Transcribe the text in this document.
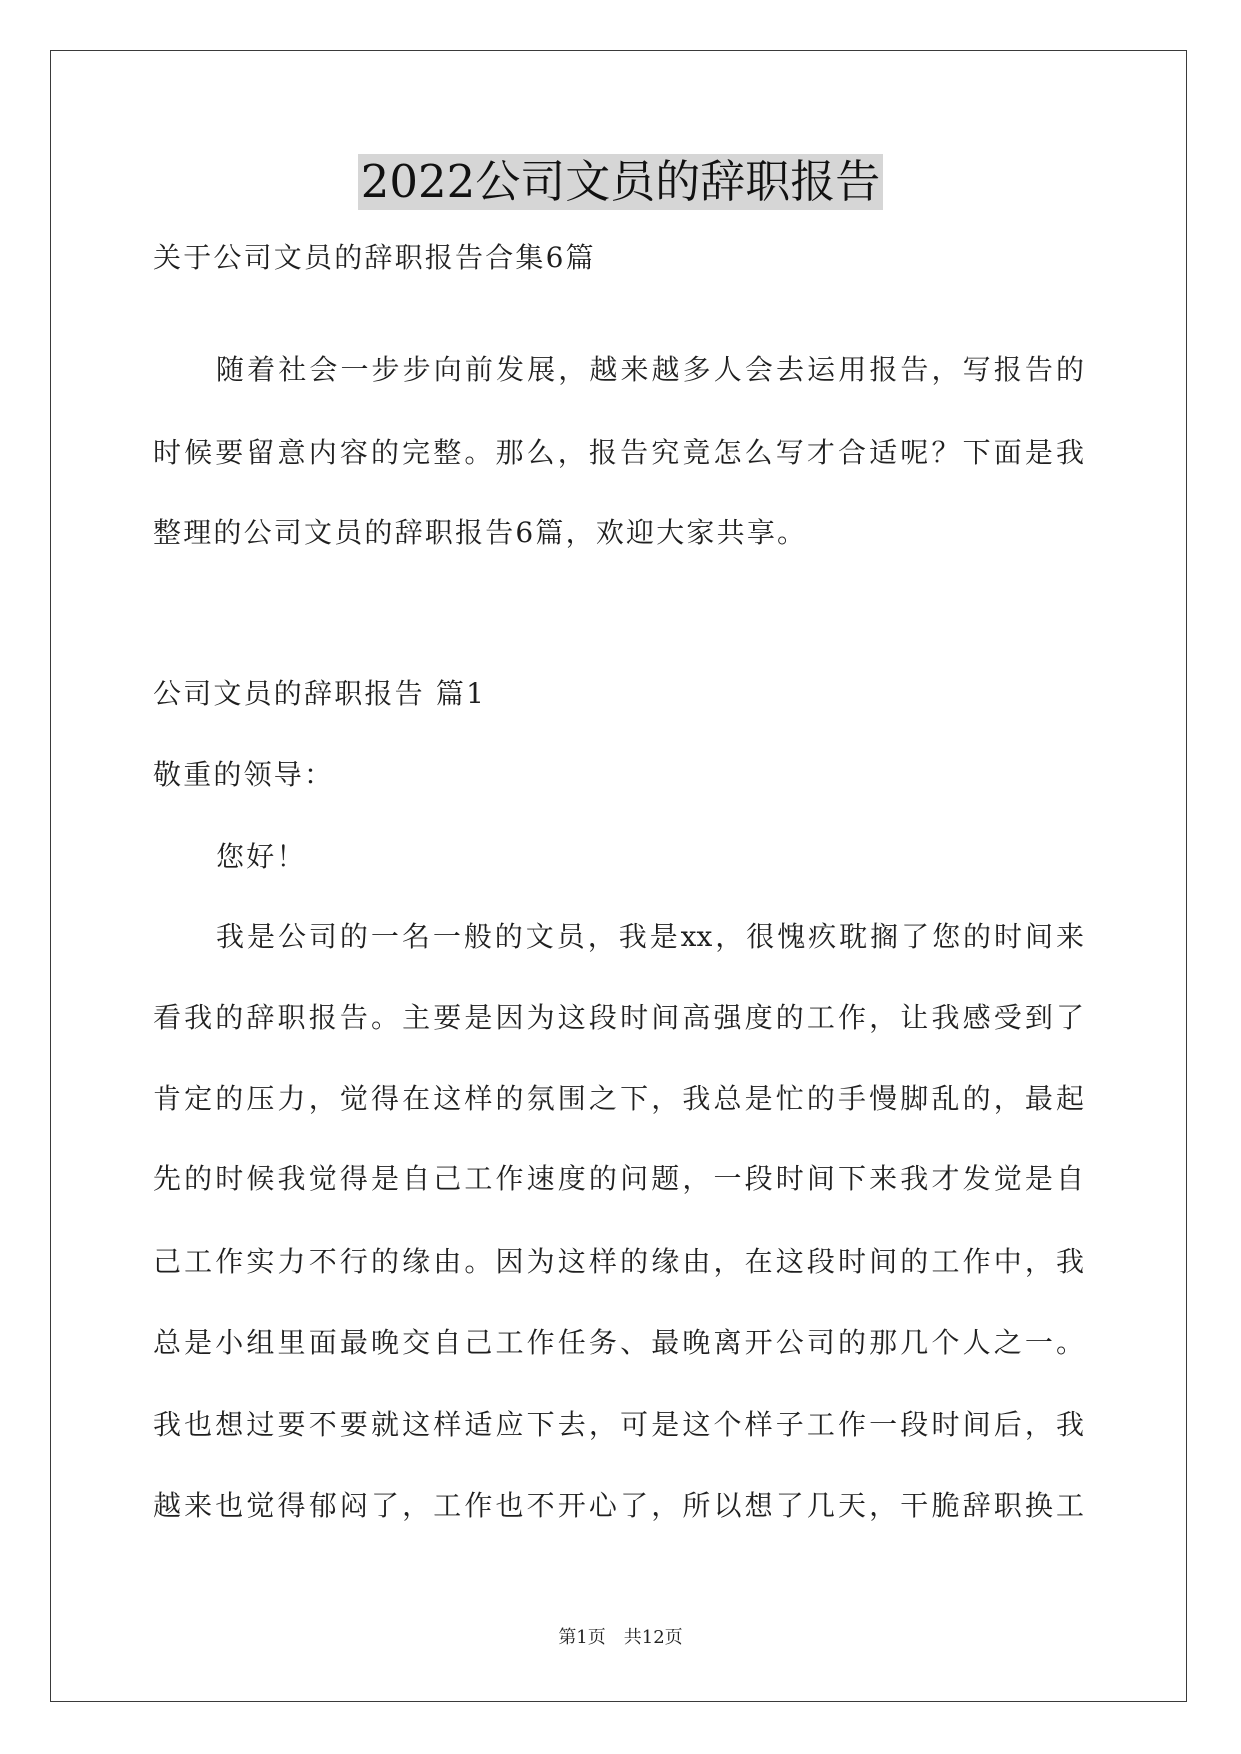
2022公司文员的辞职报告
关于公司文员的辞职报告合集6篇
随着社会一步步向前发展，越来越多人会去运用报告，写报告的
时候要留意内容的完整。那么，报告究竟怎么写才合适呢？下面是我
整理的公司文员的辞职报告6篇，欢迎大家共享。
公司文员的辞职报告 篇1
敬重的领导：
您好！
我是公司的一名一般的文员，我是xx，很愧疚耽搁了您的时间来
看我的辞职报告。主要是因为这段时间高强度的工作，让我感受到了
肯定的压力，觉得在这样的氛围之下，我总是忙的手慢脚乱的，最起
先的时候我觉得是自己工作速度的问题，一段时间下来我才发觉是自
己工作实力不行的缘由。因为这样的缘由，在这段时间的工作中，我
总是小组里面最晚交自己工作任务、最晚离开公司的那几个人之一。
我也想过要不要就这样适应下去，可是这个样子工作一段时间后，我
越来也觉得郁闷了，工作也不开心了，所以想了几天，干脆辞职换工
第1页　共12页
